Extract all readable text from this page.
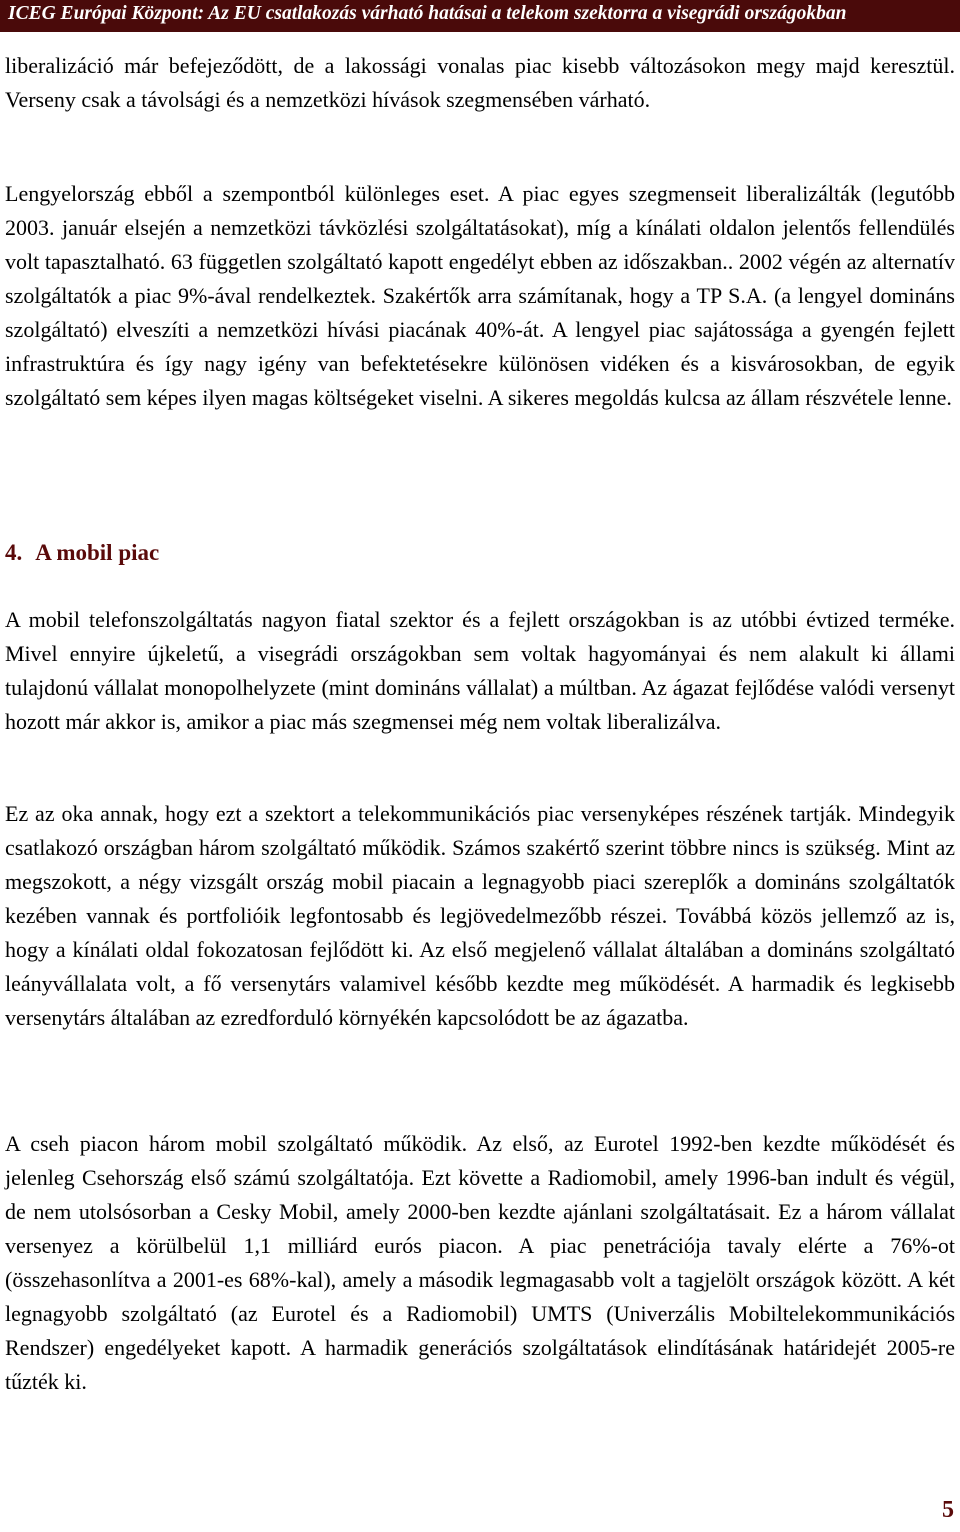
ICEG Európai Központ: Az EU csatlakozás várható hatásai a telekom szektorra a visegrádi országokban

liberalizáció már befejeződött, de a lakossági vonalas piac kisebb változásokon megy majd keresztül. Verseny csak a távolsági és a nemzetközi hívások szegmensében várható.

Lengyelország ebből a szempontból különleges eset. A piac egyes szegmenseit liberalizálták (legutóbb 2003. január elsején a nemzetközi távközlési szolgáltatásokat), míg a kínálati oldalon jelentős fellendülés volt tapasztalható. 63 független szolgáltató kapott engedélyt ebben az időszakban.. 2002 végén az alternatív szolgáltatók a piac 9%-ával rendelkeztek. Szakértők arra számítanak, hogy a TP S.A. (a lengyel domináns szolgáltató) elveszíti a nemzetközi hívási piacának 40%-át. A lengyel piac sajátossága a gyengén fejlett infrastruktúra és így nagy igény van befektetésekre különösen vidéken és a kisvárosokban, de egyik szolgáltató sem képes ilyen magas költségeket viselni. A sikeres megoldás kulcsa az állam részvétele lenne.

4. A mobil piac

A mobil telefonszolgáltatás nagyon fiatal szektor és a fejlett országokban is az utóbbi évtized terméke. Mivel ennyire újkeletű, a visegrádi országokban sem voltak hagyományai és nem alakult ki állami tulajdonú vállalat monopolhelyzete (mint domináns vállalat) a múltban. Az ágazat fejlődése valódi versenyt hozott már akkor is, amikor a piac más szegmensei még nem voltak liberalizálva.

Ez az oka annak, hogy ezt a szektort a telekommunikációs piac versenyképes részének tartják. Mindegyik csatlakozó országban három szolgáltató működik. Számos szakértő szerint többre nincs is szükség. Mint az megszokott, a négy vizsgált ország mobil piacain a legnagyobb piaci szereplők a domináns szolgáltatók kezében vannak és portfolióik legfontosabb és legjövedelmezőbb részei. Továbbá közös jellemző az is, hogy a kínálati oldal fokozatosan fejlődött ki. Az első megjelenő vállalat általában a domináns szolgáltató leányvállalata volt, a fő versenytárs valamivel később kezdte meg működését. A harmadik és legkisebb versenytárs általában az ezredforduló környékén kapcsolódott be az ágazatba.

A cseh piacon három mobil szolgáltató működik. Az első, az Eurotel 1992-ben kezdte működését és jelenleg Csehország első számú szolgáltatója. Ezt követte a Radiomobil, amely 1996-ban indult és végül, de nem utolsósorban a Cesky Mobil, amely 2000-ben kezdte ajánlani szolgáltatásait. Ez a három vállalat versenyez a körülbelül 1,1 milliárd eurós piacon. A piac penetrációja tavaly elérte a 76%-ot (összehasonlítva a 2001-es 68%-kal), amely a második legmagasabb volt a tagjelölt országok között. A két legnagyobb szolgáltató (az Eurotel és a Radiomobil) UMTS (Univerzális Mobiltelekommunikációs Rendszer) engedélyeket kapott. A harmadik generációs szolgáltatások elindításának határidejét 2005-re tűzték ki.

5
